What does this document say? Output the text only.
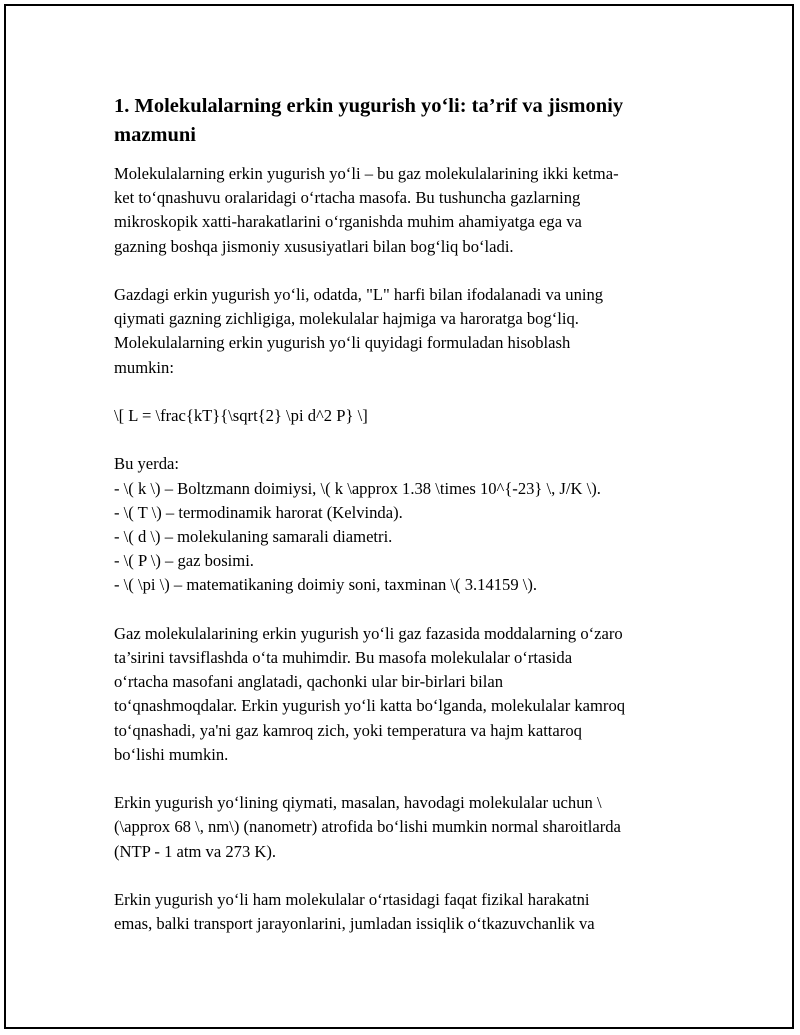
1. Molekulalarning erkin yugurish yo‘li: ta’rif va jismoniy mazmuni

Molekulalarning erkin yugurish yo‘li – bu gaz molekulalarining ikki ketma-

ket to‘qnashuvu oralaridagi o‘rtacha masofa. Bu tushuncha gazlarning

mikroskopik xatti-harakatlarini o‘rganishda muhim ahamiyatga ega va

gazning boshqa jismoniy xususiyatlari bilan bog‘liq bo‘ladi.

Gazdagi erkin yugurish yo‘li, odatda, "L" harfi bilan ifodalanadi va uning

qiymati gazning zichligiga, molekulalar hajmiga va haroratga bog‘liq.

Molekulalarning erkin yugurish yo‘li quyidagi formuladan hisoblash

mumkin:

\[ L = \frac{kT}{\sqrt{2} \pi d^2 P} \]

Bu yerda:

- \( k \) – Boltzmann doimiysi, \( k \approx 1.38 \times 10^{-23} \, J/K \).

- \( T \) – termodinamik harorat (Kelvinda).

- \( d \) – molekulaning samarali diametri.

- \( P \) – gaz bosimi.

- \( \pi \) – matematikaning doimiy soni, taxminan \( 3.14159 \).

Gaz molekulalarining erkin yugurish yo‘li gaz fazasida moddalarning o‘zaro

ta’sirini tavsiflashda o‘ta muhimdir. Bu masofa molekulalar o‘rtasida

o‘rtacha masofani anglatadi, qachonki ular bir-birlari bilan

to‘qnashmoqdalar. Erkin yugurish yo‘li katta bo‘lganda, molekulalar kamroq

to‘qnashadi, ya'ni gaz kamroq zich, yoki temperatura va hajm kattaroq

bo‘lishi mumkin.

Erkin yugurish yo‘lining qiymati, masalan, havodagi molekulalar uchun \

(\approx 68 \, nm\) (nanometr) atrofida bo‘lishi mumkin normal sharoitlarda

(NTP - 1 atm va 273 K).

Erkin yugurish yo‘li ham molekulalar o‘rtasidagi faqat fizikal harakatni

emas, balki transport jarayonlarini, jumladan issiqlik o‘tkazuvchanlik va
